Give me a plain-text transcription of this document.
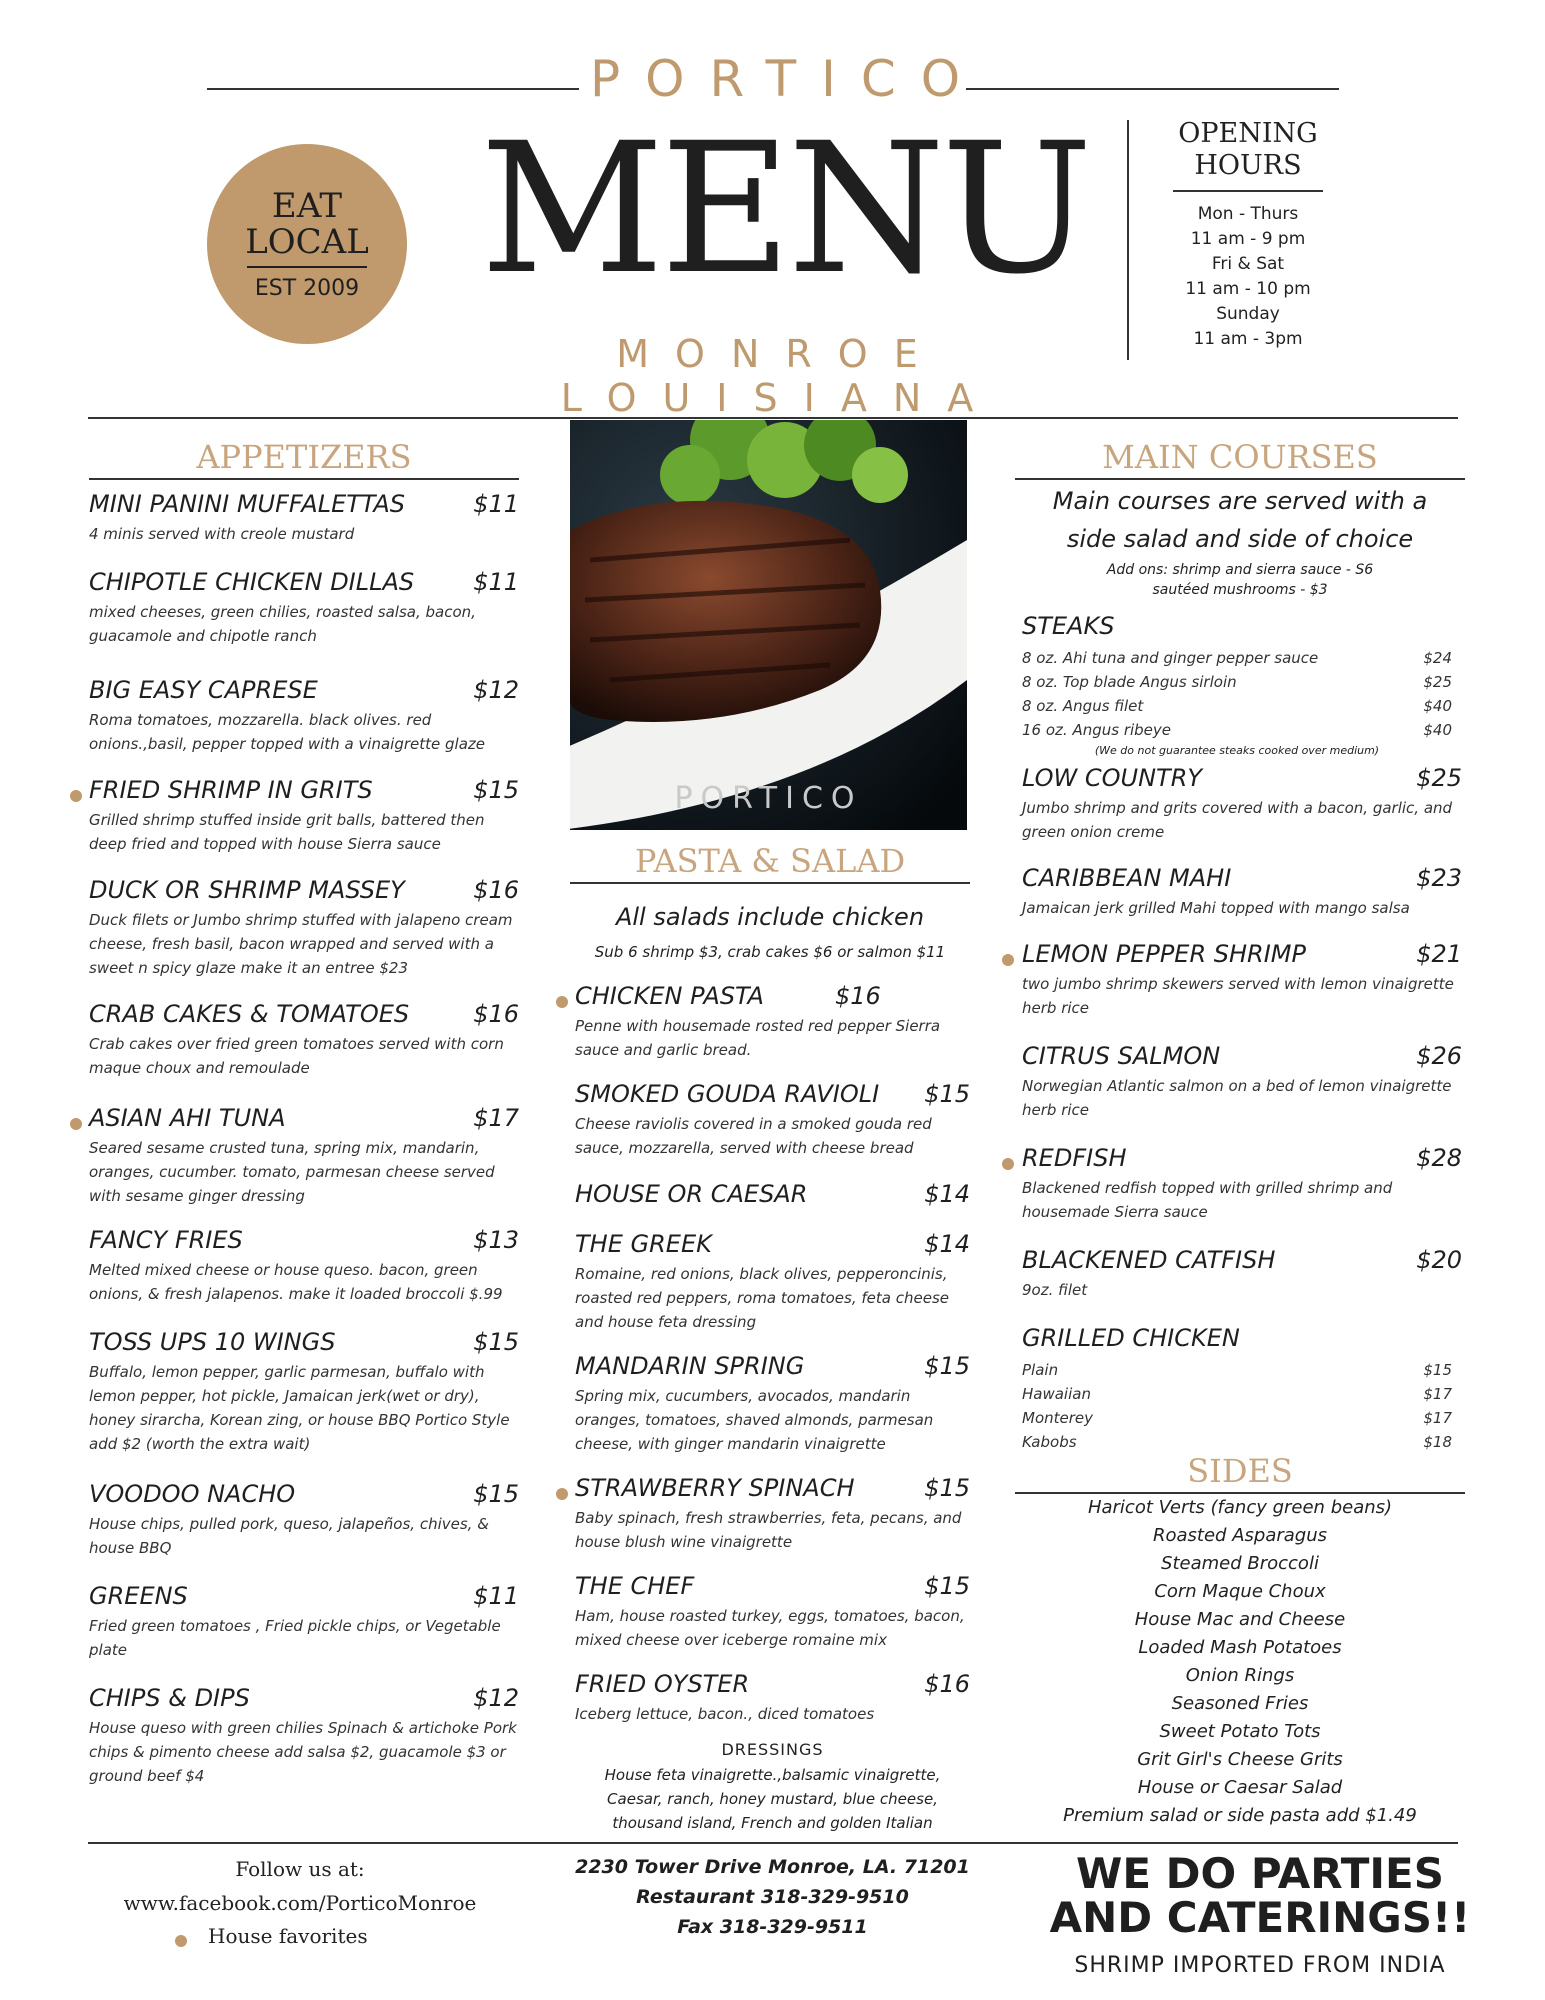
PORTICO
MENU
MONROE LOUISIANA
EAT
LOCAL
EST 2009
OPENING
HOURS
Mon - Thurs
11 am - 9 pm
Fri & Sat
11 am - 10 pm
Sunday
11 am - 3pm
APPETIZERS
MINI PANINI MUFFALETTAS	$11
4 minis served with creole mustard
CHIPOTLE CHICKEN DILLAS	$11
mixed cheeses, green chilies, roasted salsa, bacon, guacamole and chipotle ranch
BIG EASY CAPRESE	$12
Roma tomatoes, mozzarella. black olives. red onions.,basil, pepper topped with a vinaigrette glaze
FRIED SHRIMP IN GRITS	$15
Grilled shrimp stuffed inside grit balls, battered then deep fried and topped with house Sierra sauce
DUCK OR SHRIMP MASSEY	$16
Duck filets or Jumbo shrimp stuffed with jalapeno cream cheese, fresh basil, bacon wrapped and served with a sweet n spicy glaze make it an entree $23
CRAB CAKES & TOMATOES	$16
Crab cakes over fried green tomatoes served with corn maque choux and remoulade
ASIAN AHI TUNA	$17
Seared sesame crusted tuna, spring mix, mandarin, oranges, cucumber. tomato, parmesan cheese served with sesame ginger dressing
FANCY FRIES	$13
Melted mixed cheese or house queso. bacon, green onions, & fresh jalapenos. make it loaded broccoli $.99
TOSS UPS 10 WINGS	$15
Buffalo, lemon pepper, garlic parmesan, buffalo with lemon pepper, hot pickle, Jamaican jerk(wet or dry), honey sirarcha, Korean zing, or house BBQ Portico Style add $2 (worth the extra wait)
VOODOO NACHO	$15
House chips, pulled pork, queso, jalapeños, chives, & house BBQ
GREENS	$11
Fried green tomatoes , Fried pickle chips, or Vegetable plate
CHIPS & DIPS	$12
House queso with green chilies Spinach & artichoke Pork chips & pimento cheese add salsa $2, guacamole $3 or ground beef $4
PORTICO
PASTA & SALAD
All salads include chicken
Sub 6 shrimp $3, crab cakes $6 or salmon $11
CHICKEN PASTA	$16
Penne with housemade rosted red pepper Sierra sauce and garlic bread.
SMOKED GOUDA RAVIOLI	$15
Cheese raviolis covered in a smoked gouda red sauce, mozzarella, served with cheese bread
HOUSE OR CAESAR	$14
THE GREEK	$14
Romaine, red onions, black olives, pepperoncinis, roasted red peppers, roma tomatoes, feta cheese and house feta dressing
MANDARIN SPRING	$15
Spring mix, cucumbers, avocados, mandarin oranges, tomatoes, shaved almonds, parmesan cheese, with ginger mandarin vinaigrette
STRAWBERRY SPINACH	$15
Baby spinach, fresh strawberries, feta, pecans, and house blush wine vinaigrette
THE CHEF	$15
Ham, house roasted turkey, eggs, tomatoes, bacon, mixed cheese over iceberge romaine mix
FRIED OYSTER	$16
Iceberg lettuce, bacon., diced tomatoes
DRESSINGS
House feta vinaigrette.,balsamic vinaigrette, Caesar, ranch, honey mustard, blue cheese, thousand island, French and golden Italian
MAIN COURSES
Main courses are served with a
side salad and side of choice
Add ons: shrimp and sierra sauce - S6
sautéed mushrooms - $3
STEAKS
8 oz. Ahi tuna and ginger pepper sauce	$24
8 oz. Top blade Angus sirloin	$25
8 oz. Angus filet	$40
16 oz. Angus ribeye	$40
(We do not guarantee steaks cooked over medium)
LOW COUNTRY	$25
Jumbo shrimp and grits covered with a bacon, garlic, and green onion creme
CARIBBEAN MAHI	$23
Jamaican jerk grilled Mahi topped with mango salsa
LEMON PEPPER SHRIMP	$21
two jumbo shrimp skewers served with lemon vinaigrette herb rice
CITRUS SALMON	$26
Norwegian Atlantic salmon on a bed of lemon vinaigrette herb rice
REDFISH	$28
Blackened redfish topped with grilled shrimp and housemade Sierra sauce
BLACKENED CATFISH	$20
9oz. filet
GRILLED CHICKEN
Plain	$15
Hawaiian	$17
Monterey	$17
Kabobs	$18
SIDES
Haricot Verts (fancy green beans)
Roasted Asparagus
Steamed Broccoli
Corn Maque Choux
House Mac and Cheese
Loaded Mash Potatoes
Onion Rings
Seasoned Fries
Sweet Potato Tots
Grit Girl's Cheese Grits
House or Caesar Salad
Premium salad or side pasta add $1.49
Follow us at:
www.facebook.com/PorticoMonroe
House favorites
2230 Tower Drive Monroe, LA. 71201
Restaurant 318-329-9510
Fax 318-329-9511
WE DO PARTIES
AND CATERINGS!!
SHRIMP IMPORTED FROM INDIA
